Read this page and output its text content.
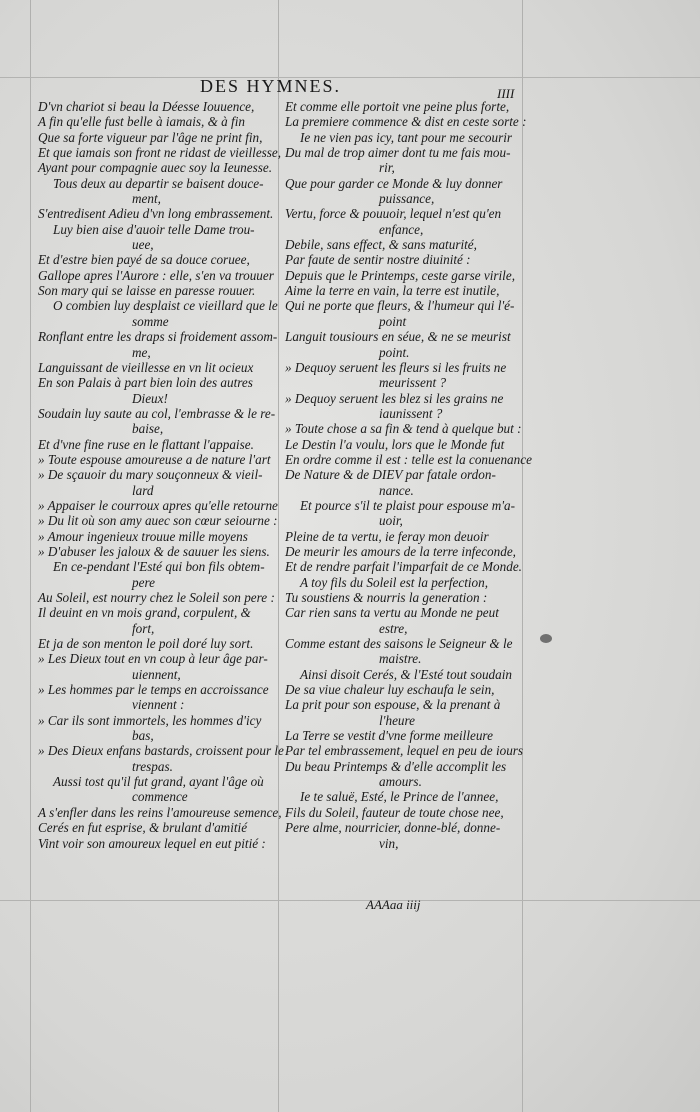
DES HYMNES.	IIII
D'vn chariot si beau la Déesse Iouuence,
A fin qu'elle fust belle à iamais, & à fin
Que sa forte vigueur par l'âge ne print fin,
Et que iamais son front ne ridast de vieillesse,
Ayant pour compagnie auec soy la Ieunesse.
Tous deux au departir se baisent douce-
ment,
S'entredisent Adieu d'vn long embrassement.
Luy bien aise d'auoir telle Dame trou-
uee,
Et d'estre bien payé de sa douce coruee,
Gallope apres l'Aurore : elle, s'en va trouuer
Son mary qui se laisse en paresse rouuer.
O combien luy desplaist ce vieillard que le
somme
Ronflant entre les draps si froidement assom-
me,
Languissant de vieillesse en vn lit ocieux
En son Palais à part bien loin des autres
Dieux!
Soudain luy saute au col, l'embrasse & le re-
baise,
Et d'vne fine ruse en le flattant l'appaise.
» Toute espouse amoureuse a de nature l'art
» De sçauoir du mary souçonneux & vieil-
lard
» Appaiser le courroux apres qu'elle retourne
» Du lit où son amy auec son cœur seiourne :
» Amour ingenieux trouue mille moyens
» D'abuser les jaloux & de sauuer les siens.
En ce-pendant l'Esté qui bon fils obtem-
pere
Au Soleil, est nourry chez le Soleil son pere :
Il deuint en vn mois grand, corpulent, &
fort,
Et ja de son menton le poil doré luy sort.
» Les Dieux tout en vn coup à leur âge par-
uiennent,
» Les hommes par le temps en accroissance
viennent :
» Car ils sont immortels, les hommes d'icy
bas,
» Des Dieux enfans bastards, croissent pour le
trespas.
Aussi tost qu'il fut grand, ayant l'âge où
commence
A s'enfler dans les reins l'amoureuse semence,
Cerés en fut esprise, & brulant d'amitié
Vint voir son amoureux lequel en eut pitié :
Et comme elle portoit vne peine plus forte,
La premiere commence & dist en ceste sorte :
Ie ne vien pas icy, tant pour me secourir
Du mal de trop aimer dont tu me fais mou-
rir,
Que pour garder ce Monde & luy donner
puissance,
Vertu, force & pouuoir, lequel n'est qu'en
enfance,
Debile, sans effect, & sans maturité,
Par faute de sentir nostre diuinité :
Depuis que le Printemps, ceste garse virile,
Aime la terre en vain, la terre est inutile,
Qui ne porte que fleurs, & l'humeur qui l'é-
point
Languit tousiours en séue, & ne se meurist
point.
» Dequoy seruent les fleurs si les fruits ne
meurissent ?
» Dequoy seruent les blez si les grains ne
iaunissent ?
» Toute chose a sa fin & tend à quelque but :
Le Destin l'a voulu, lors que le Monde fut
En ordre comme il est : telle est la conuenance
De Nature & de DIEV par fatale ordon-
nance.
Et pource s'il te plaist pour espouse m'a-
uoir,
Pleine de ta vertu, ie feray mon deuoir
De meurir les amours de la terre infeconde,
Et de rendre parfait l'imparfait de ce Monde.
A toy fils du Soleil est la perfection,
Tu soustiens & nourris la generation :
Car rien sans ta vertu au Monde ne peut
estre,
Comme estant des saisons le Seigneur & le
maistre.
Ainsi disoit Cerés, & l'Esté tout soudain
De sa viue chaleur luy eschaufa le sein,
La prit pour son espouse, & la prenant à
l'heure
La Terre se vestit d'vne forme meilleure
Par tel embrassement, lequel en peu de iours
Du beau Printemps & d'elle accomplit les
amours.
Ie te saluë, Esté, le Prince de l'annee,
Fils du Soleil, fauteur de toute chose nee,
Pere alme, nourricier, donne-blé, donne-
vin,
AAAaa iiij
